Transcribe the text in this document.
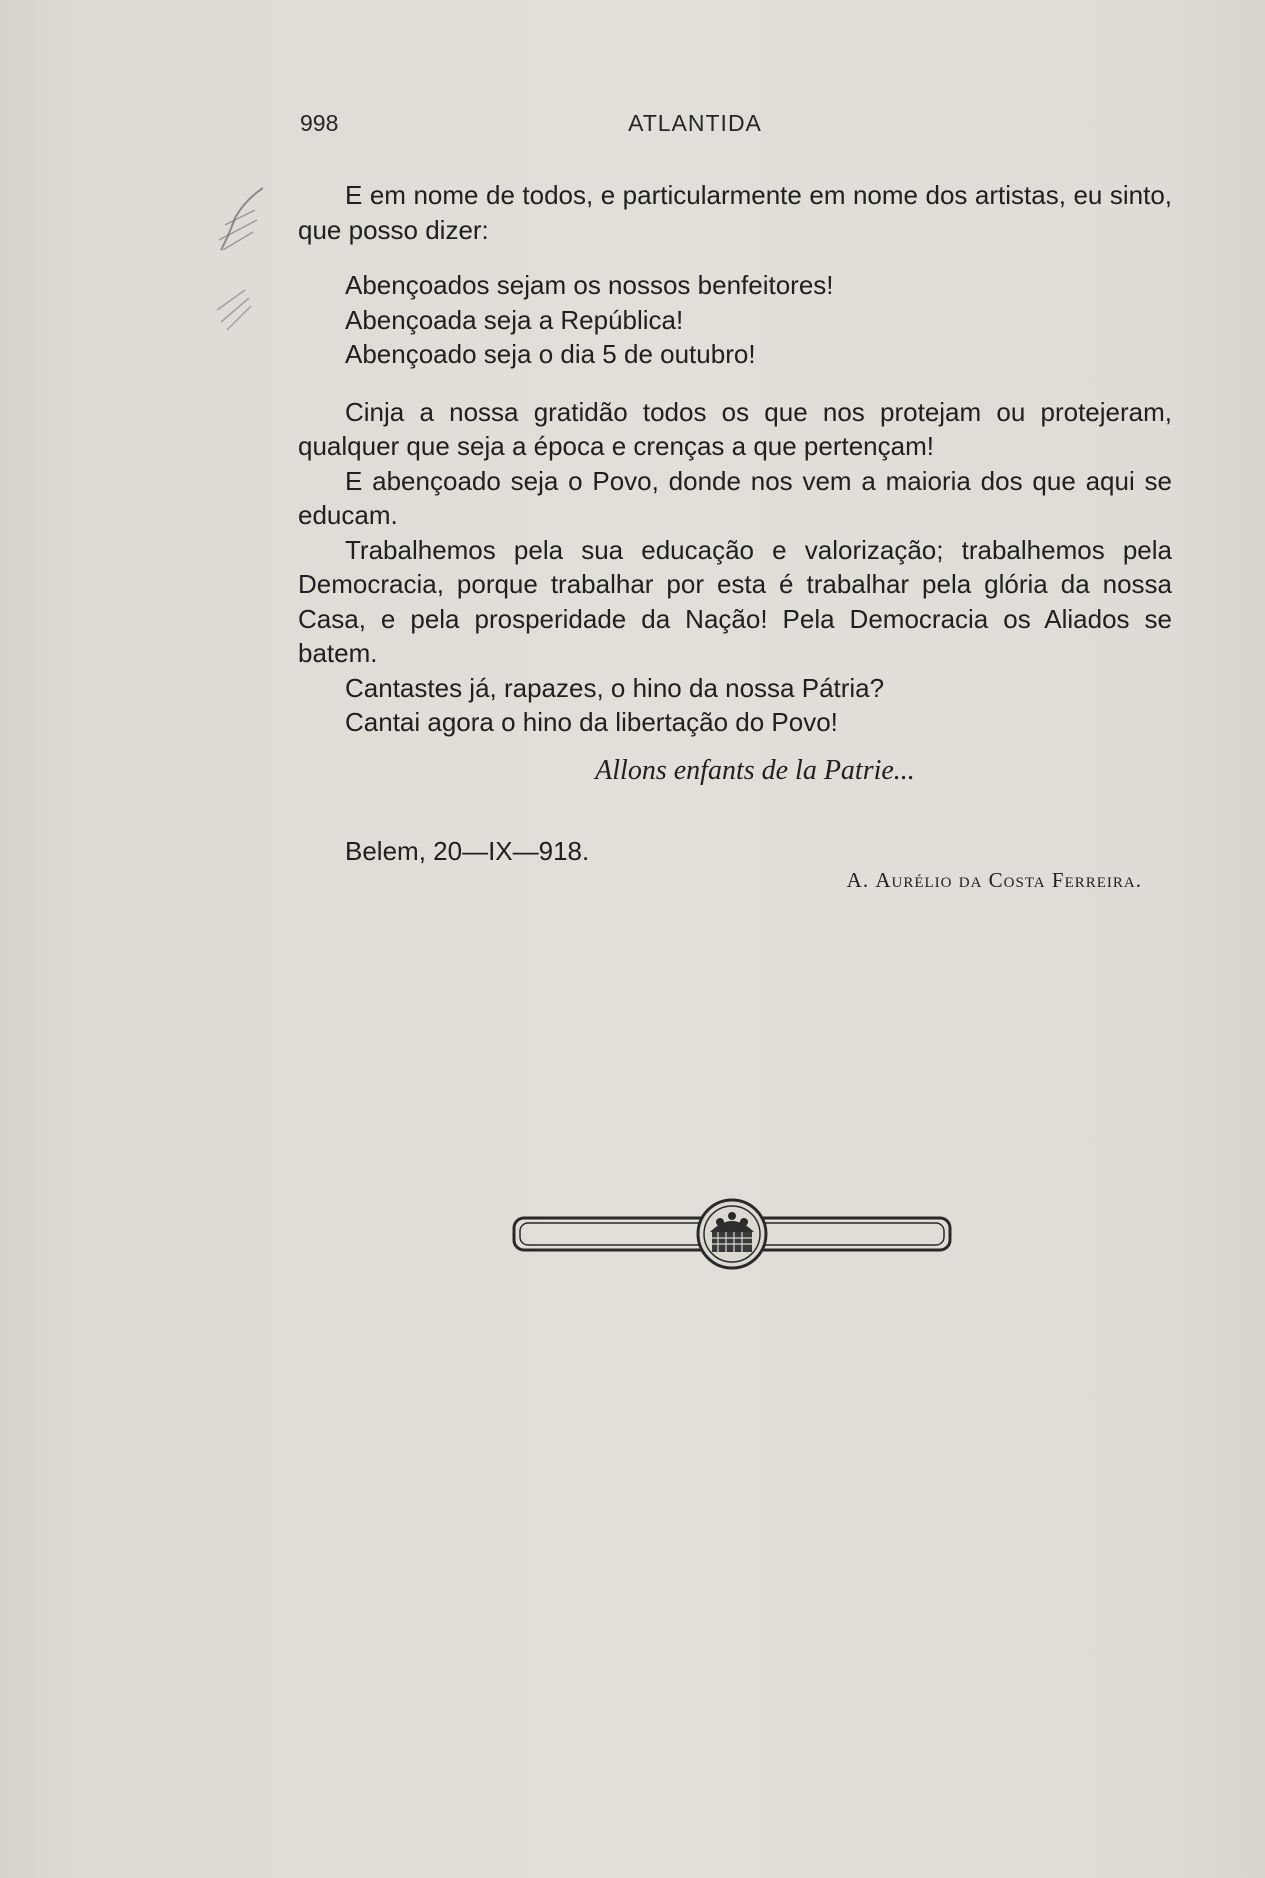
998	ATLANTIDA

E em nome de todos, e particularmente em nome dos artistas, eu sinto, que posso dizer:

Abençoados sejam os nossos benfeitores!
Abençoada seja a República!
Abençoado seja o dia 5 de outubro!

Cinja a nossa gratidão todos os que nos protejam ou protejeram, qualquer que seja a época e crenças a que pertençam!

E abençoado seja o Povo, donde nos vem a maioria dos que aqui se educam.

Trabalhemos pela sua educação e valorização; trabalhemos pela Democracia, porque trabalhar por esta é trabalhar pela glória da nossa Casa, e pela prosperidade da Nação! Pela Democracia os Aliados se batem.

Cantastes já, rapazes, o hino da nossa Pátria?

Cantai agora o hino da libertação do Povo!

Allons enfants de la Patrie...
Belem, 20—IX—918.
A. Aurélio da Costa Ferreira.
